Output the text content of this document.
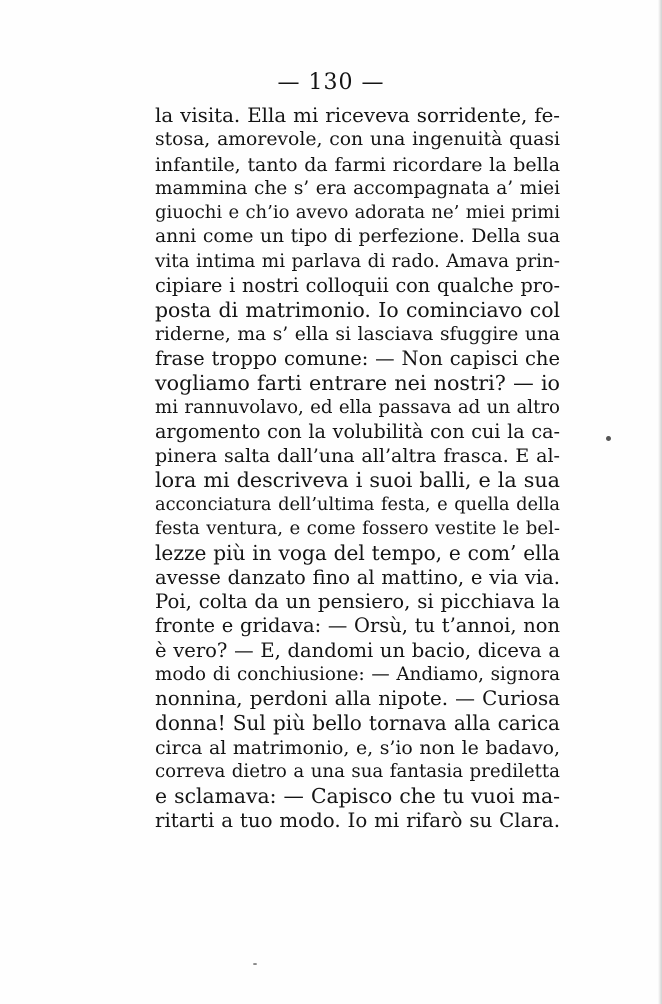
— 130 —
la visita. Ella mi riceveva sorridente, fe-
stosa, amorevole, con una ingenuità quasi
infantile, tanto da farmi ricordare la bella
mammina che s’ era accompagnata a’ miei
giuochi e ch’io avevo adorata ne’ miei primi
anni come un tipo di perfezione. Della sua
vita intima mi parlava di rado. Amava prin-
cipiare i nostri colloquii con qualche pro-
posta di matrimonio. Io cominciavo col
riderne, ma s’ ella si lasciava sfuggire una
frase troppo comune: — Non capisci che
vogliamo farti entrare nei nostri? — io
mi rannuvolavo, ed ella passava ad un altro
argomento con la volubilità con cui la ca-
pinera salta dall’una all’altra frasca. E al-
lora mi descriveva i suoi balli, e la sua
acconciatura dell’ultima festa, e quella della
festa ventura, e come fossero vestite le bel-
lezze più in voga del tempo, e com’ ella
avesse danzato fino al mattino, e via via.
Poi, colta da un pensiero, si picchiava la
fronte e gridava: — Orsù, tu t’annoi, non
è vero? — E, dandomi un bacio, diceva a
modo di conchiusione: — Andiamo, signora
nonnina, perdoni alla nipote. — Curiosa
donna! Sul più bello tornava alla carica
circa al matrimonio, e, s’io non le badavo,
correva dietro a una sua fantasia prediletta
e sclamava: — Capisco che tu vuoi ma-
ritarti a tuo modo. Io mi rifarò su Clara.
